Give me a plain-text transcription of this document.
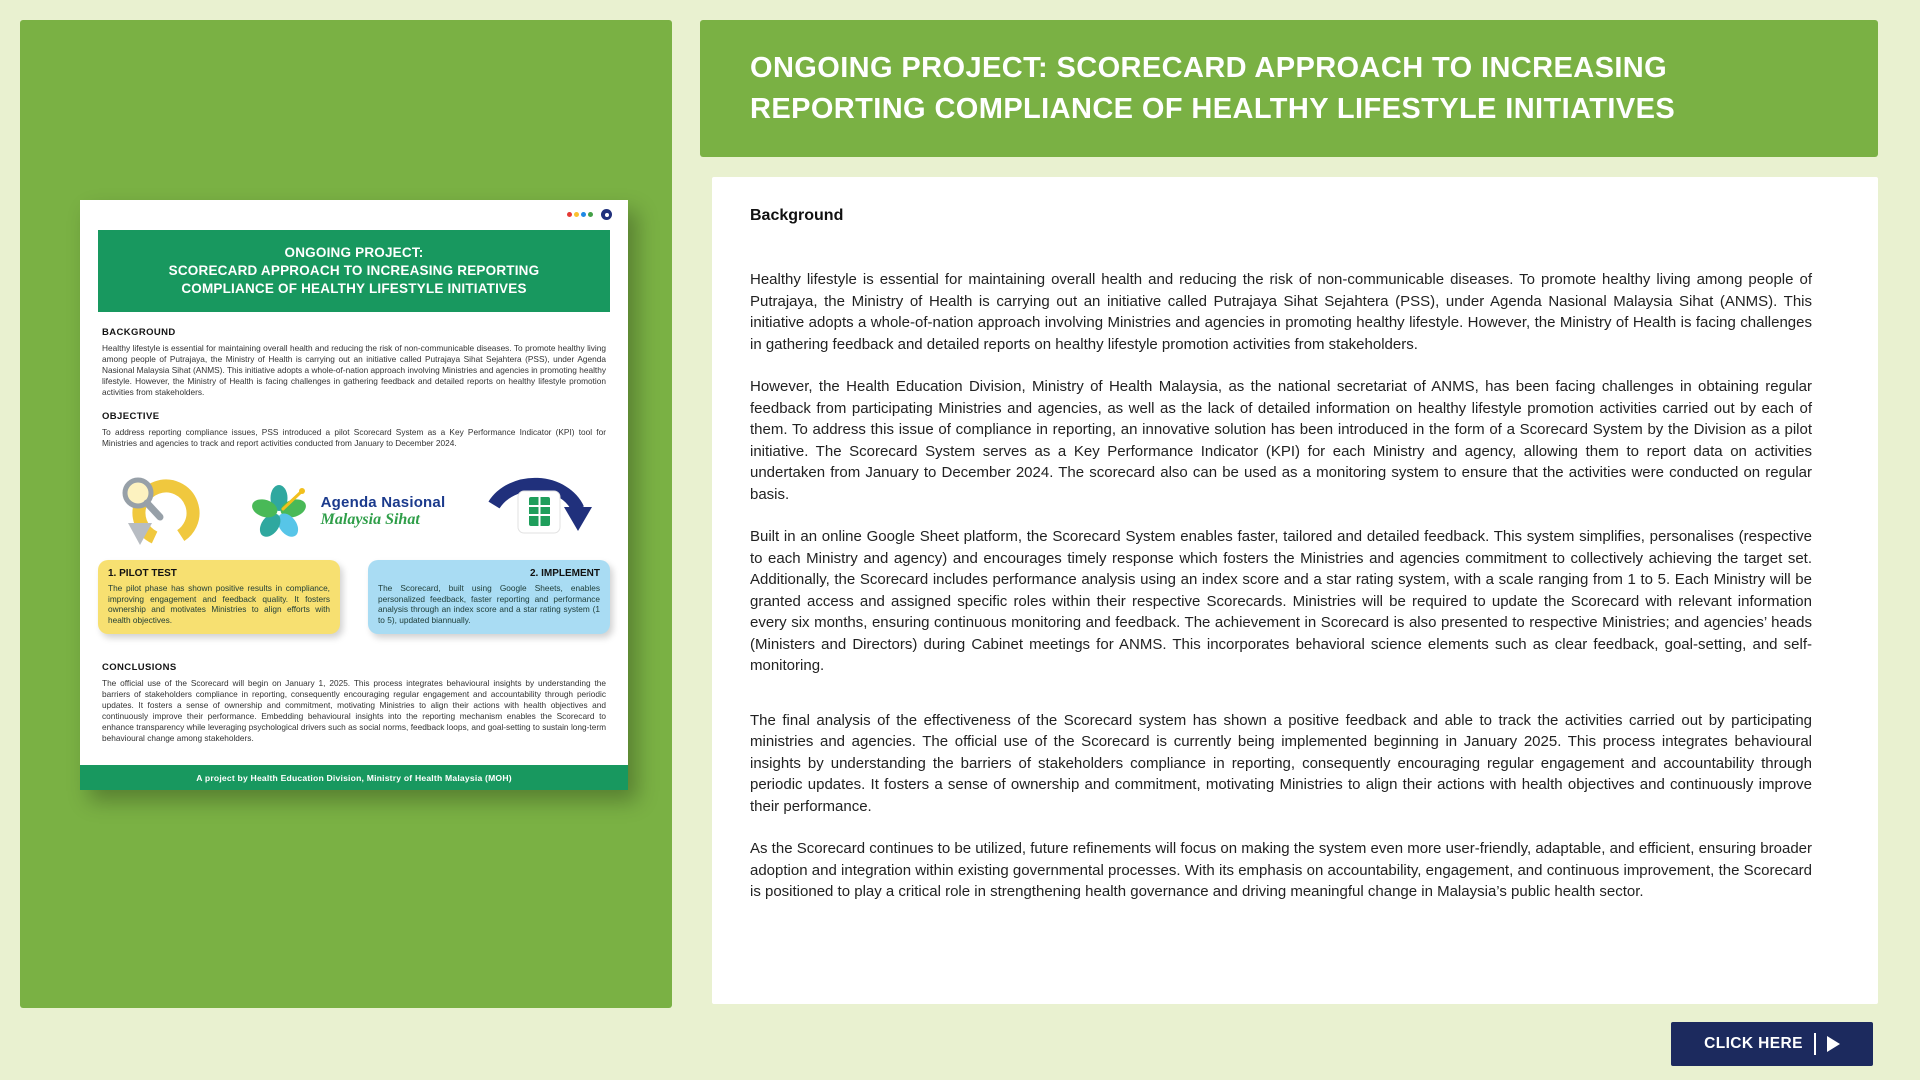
ONGOING PROJECT:
SCORECARD APPROACH TO INCREASING REPORTING
COMPLIANCE OF HEALTHY LIFESTYLE INITIATIVES
BACKGROUND

Healthy lifestyle is essential for maintaining overall health and reducing the risk of non-communicable diseases. To promote healthy living among people of Putrajaya, the Ministry of Health is carrying out an initiative called Putrajaya Sihat Sejahtera (PSS), under Agenda Nasional Malaysia Sihat (ANMS). This initiative adopts a whole-of-nation approach involving Ministries and agencies in promoting healthy lifestyle. However, the Ministry of Health is facing challenges in gathering feedback and detailed reports on healthy lifestyle promotion activities from stakeholders.

OBJECTIVE

To address reporting compliance issues, PSS introduced a pilot Scorecard System as a Key Performance Indicator (KPI) tool for Ministries and agencies to track and report activities conducted from January to December 2024.

Agenda Nasional
Malaysia Sihat
1. PILOT TEST

The pilot phase has shown positive results in compliance, improving engagement and feedback quality. It fosters ownership and motivates Ministries to align efforts with health objectives.

2. IMPLEMENT

The Scorecard, built using Google Sheets, enables personalized feedback, faster reporting and performance analysis through an index score and a star rating system (1 to 5), updated biannually.

CONCLUSIONS

The official use of the Scorecard will begin on January 1, 2025. This process integrates behavioural insights by understanding the barriers of stakeholders compliance in reporting, consequently encouraging regular engagement and accountability through periodic updates. It fosters a sense of ownership and commitment, motivating Ministries to align their actions with health objectives and continuously improve their performance. Embedding behavioural insights into the reporting mechanism enables the Scorecard to enhance transparency while leveraging psychological drivers such as social norms, feedback loops, and goal-setting to sustain long-term behavioural change among stakeholders.

A project by Health Education Division, Ministry of Health Malaysia (MOH)
ONGOING PROJECT: SCORECARD APPROACH TO INCREASING REPORTING COMPLIANCE OF HEALTHY LIFESTYLE INITIATIVES
Background

Healthy lifestyle is essential for maintaining overall health and reducing the risk of non-communicable diseases. To promote healthy living among people of Putrajaya, the Ministry of Health is carrying out an initiative called Putrajaya Sihat Sejahtera (PSS), under Agenda Nasional Malaysia Sihat (ANMS). This initiative adopts a whole-of-nation approach involving Ministries and agencies in promoting healthy lifestyle. However, the Ministry of Health is facing challenges in gathering feedback and detailed reports on healthy lifestyle promotion activities from stakeholders.

However, the Health Education Division, Ministry of Health Malaysia, as the national secretariat of ANMS, has been facing challenges in obtaining regular feedback from participating Ministries and agencies, as well as the lack of detailed information on healthy lifestyle promotion activities carried out by each of them. To address this issue of compliance in reporting, an innovative solution has been introduced in the form of a Scorecard System by the Division as a pilot initiative. The Scorecard System serves as a Key Performance Indicator (KPI) for each Ministry and agency, allowing them to report data on activities undertaken from January to December 2024. The scorecard also can be used as a monitoring system to ensure that the activities were conducted on regular basis.

Built in an online Google Sheet platform, the Scorecard System enables faster, tailored and detailed feedback. This system simplifies, personalises (respective to each Ministry and agency) and encourages timely response which fosters the Ministries and agencies commitment to collectively achieving the target set. Additionally, the Scorecard includes performance analysis using an index score and a star rating system, with a scale ranging from 1 to 5. Each Ministry will be granted access and assigned specific roles within their respective Scorecards. Ministries will be required to update the Scorecard with relevant information every six months, ensuring continuous monitoring and feedback. The achievement in Scorecard is also presented to respective Ministries; and agencies’ heads (Ministers and Directors) during Cabinet meetings for ANMS. This incorporates behavioral science elements such as clear feedback, goal-setting, and self-monitoring.

The final analysis of the effectiveness of the Scorecard system has shown a positive feedback and able to track the activities carried out by participating ministries and agencies. The official use of the Scorecard is currently being implemented beginning in January 2025. This process integrates behavioural insights by understanding the barriers of stakeholders compliance in reporting, consequently encouraging regular engagement and accountability through periodic updates. It fosters a sense of ownership and commitment, motivating Ministries to align their actions with health objectives and continuously improve their performance.

As the Scorecard continues to be utilized, future refinements will focus on making the system even more user-friendly, adaptable, and efficient, ensuring broader adoption and integration within existing governmental processes. With its emphasis on accountability, engagement, and continuous improvement, the Scorecard is positioned to play a critical role in strengthening health governance and driving meaningful change in Malaysia’s public health sector.

CLICK HERE
